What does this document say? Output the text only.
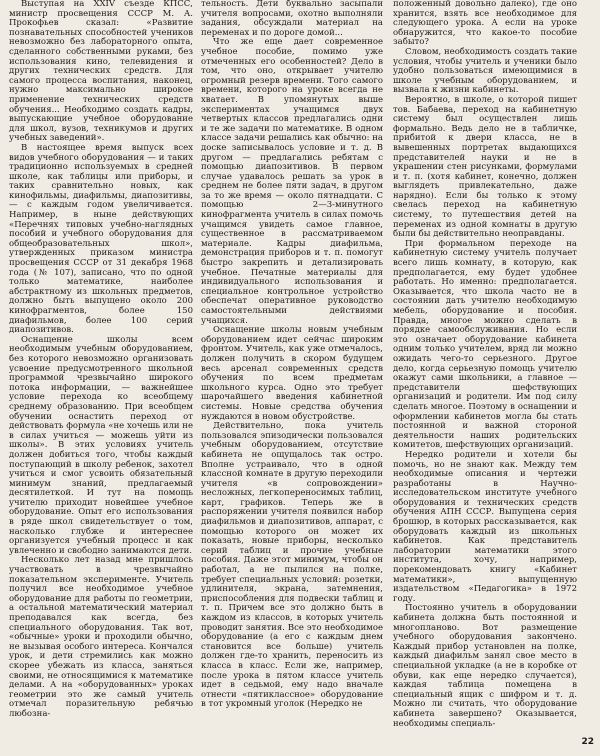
Выступая на XXIV съезде КПСС, министр просвещения СССР М. А. Прокофьев сказал: «Развитие познавательных способностей учеников невозможно без лабораторного опыта, сделанного собственными руками, без использования кино, телевидения и других технических средств. Для самого процесса воспитания, наконец, нужно максимально широкое применение технических средств обучения... Необходимо создать кадры, выпускающие учебное оборудование для школ, вузов, техникумов и других учебных заведений».

В настоящее время выпуск всех видов учебного оборудования — и таких традиционно используемых в средней школе, как таблицы или приборы, и таких сравнительно новых, как кинофильмы, диафильмы, диапозитивы, — с каждым годом увеличивается. Например, в ныне действующих «Перечнях типовых учебно-наглядных пособий и учебного оборудования для общеобразовательных школ», утвержденных приказом министра просвещения СССР от 31 декабря 1968 года (№ 107), записано, что по одной только математике, наиболее абстрактному из школьных предметов, должно быть выпущено около 200 кинофрагментов, более 150 диафильмов, более 100 серий диапозитивов.

Оснащение школы всем необходимым учебным оборудованием, без которого невозможно организовать усвоение предусмотренного школьной программой чрезвычайно широкого потока информации, — важнейшее условие перехода ко всеобщему среднему образованию. При всеобщем обучении оснастить переход от действовать формула «не хочешь или не в силах учиться — можешь уйти из школы». В этих условиях учитель должен добиться того, чтобы каждый поступающий в школу ребенок, захотел учиться и смог усвоить обязательный минимум знаний, предлагаемый десятилеткой. И тут на помощь учителю приходит новейшее учебное оборудование. Опыт его использования в ряде школ свидетельствует о том, насколько глубже и интереснее организуется учебный процесс и как увлеченно и свободно занимаются дети.

Несколько лет назад мне пришлось участвовать в чрезвычайно показательном эксперименте. Учитель получил все необходимое учебное оборудование для работы по геометрии, а остальной математический материал преподавался как всегда, без специального оборудования. Так вот, «обычные» уроки и проходили обычно, не вызывая особого интереса. Кончался урок, и дети стремились как можно скорее убежать из класса, заняться своими, не относящимися к математике делами. А на «оборудованных» уроках геометрии это же самый учитель отмечал поразительную ребячью любозна-

тельность. Дети буквально засыпали учителя вопросами, охотно выполняли задания, обсуждали материал на переменах и по дороге домой...

Что же еще дает современное учебное пособие, помимо уже отмеченных его особенностей? Дело в том, что оно, открывает учителю огромный резерв времени. Того самого времени, которого на уроке всегда не хватает. В упомянутых выше экспериментах учащимся двух четвертых классов предлагались одни и те же задачи по математике. В одном классе задачи решались как обычно: на доске записывалось условие и т. д. В другом — предлагались ребятам с помощью диапозитивов. В первом случае удавалось решать за урок в среднем не более пяти задач, в другом за то же время — около пятнадцати. С помощью 2—3-минутного кинофрагмента учитель в силах помочь учащимся увидеть самое главное, существенное в рассматриваемом материале. Кадры диафильма, демонстрация приборов и т. п. помогут быстро закрепить и детализировать учебное. Печатные материалы для индивидуального использования и специальное контрольное устройство обеспечат оперативное руководство самостоятельными действиями учащихся.

Оснащение школы новым учебным оборудованием идет сейчас широким фронтом. Учитель, как уже отмечалось, должен получить в скором будущем весь арсенал современных средств обучения по всем предметам школьного курса. Одно это требует шарочайшего введения кабинетной системы. Новые средства обучения нуждаются в новом обустройстве.

Действительно, пока учитель пользовался эпизодически пользовался учебным оборудованием, отсутствие кабинета не ощущалось так остро. Вполне устраивало, что в одной классной комнате в другую переходили учителя «в сопровождении» несложных, легкопереносимых таблиц, карт, графиков. Теперь же в распоряжении учителя появился набор диафильмов и диапозитивов, аппарат, с помощью которого он может их показать, новые приборы, несколько серий таблиц и прочие учебные пособия. Даже этот минимум, чтобы он работал, а не пылился на полке, требует специальных условий: розетки, удлинителя, экрана, затемнения, приспособления для подвески таблиц и т. п. Причем все это должно быть в каждом из классов, в которых учитель проводит занятия. Все это необходимое оборудование (а его с каждым днем становится все больше) учитель должен где-то хранить, переносить из класса в класс. Если же, например, после урока в пятом классе учитель идет в седьмой, ему надо вначале отнести «пятиклассное» оборудование в тот укромный уголок (Нередко не

положенный довольно далеко), где оно хранится, взять все необходимое для следующего урока. А если на уроке обнаружится, что какое-то пособие забыто?

Словом, необходимость создать такие условия, чтобы учитель и ученики было удобно пользоваться имеющимися в школе учебным оборудованием, и вызвала к жизни кабинеты.

Вероятно, в школе, о которой пишет тов. Бабаева, переход на кабинетную систему был осуществлен лишь формально. Ведь дело не в табличке, прибитой к двери класса, не в вывешенных портретах выдающихся представителей науки и не в украшении стен рисунками, формулами и т. п. (хотя кабинет, конечно, должен выглядеть привлекательно, даже наряднo). Если бы только к этому свелась переход на кабинетную систему, то путешествия детей на переменах из одной комнаты в другую были бы действительно неоправданы.

При формальном переходе на кабинетную систему учитель получает всего лишь комнату, в которую, как предполагается, ему будет удобнее работать. Но именно: предполагается. Оказывается, что школа часто не в состоянии дать учителю необходимую мебель, оборудование и пособия. Правда, многое можно сделать в порядке самообслуживания. Но если это означает оборудование кабинета одним только учителем, вряд ли можно ожидать чего-то серьезного. Другое дело, когда серьезную помощь учителю окажут сами школьники, а главное — представители шефствующих организаций и родители. Им под силу сделать многое. Поэтому в оснащении и оформлении кабинетов могла бы стать постоянной и важной стороной деятельности наших родительских комитетов, шефствующих организаций.

Нередко родители и хотели бы помочь, но не знают как. Между тем необходимые описания и чертежи разработаны в Научно-исследовательском институте учебного оборудования и технических средств обучения АПН СССР. Выпущена серия брошюр, в которых рассказывается, как оборудовать каждый из школьных кабинетов. Как представитель лаборатории математики этого института, хочу, например, порекомендовать книгу «Кабинет математики», выпущенную издательством «Педагогика» в 1972 году.

Постоянно учитель в оборудовании кабинета должна быть постоянной и многопланово. Вот размещение учебного оборудования закончено. Каждый прибор установлен на полке, каждый диафильм занял свое место в специальной укладке (а не в коробке от обуви, как еще нередко случается), каждая таблица помещена в специальный ящик с шифром и т. д. Можно ли считать, что оборудование кабинета завершено? Оказывается, необходимы специаль-

22
